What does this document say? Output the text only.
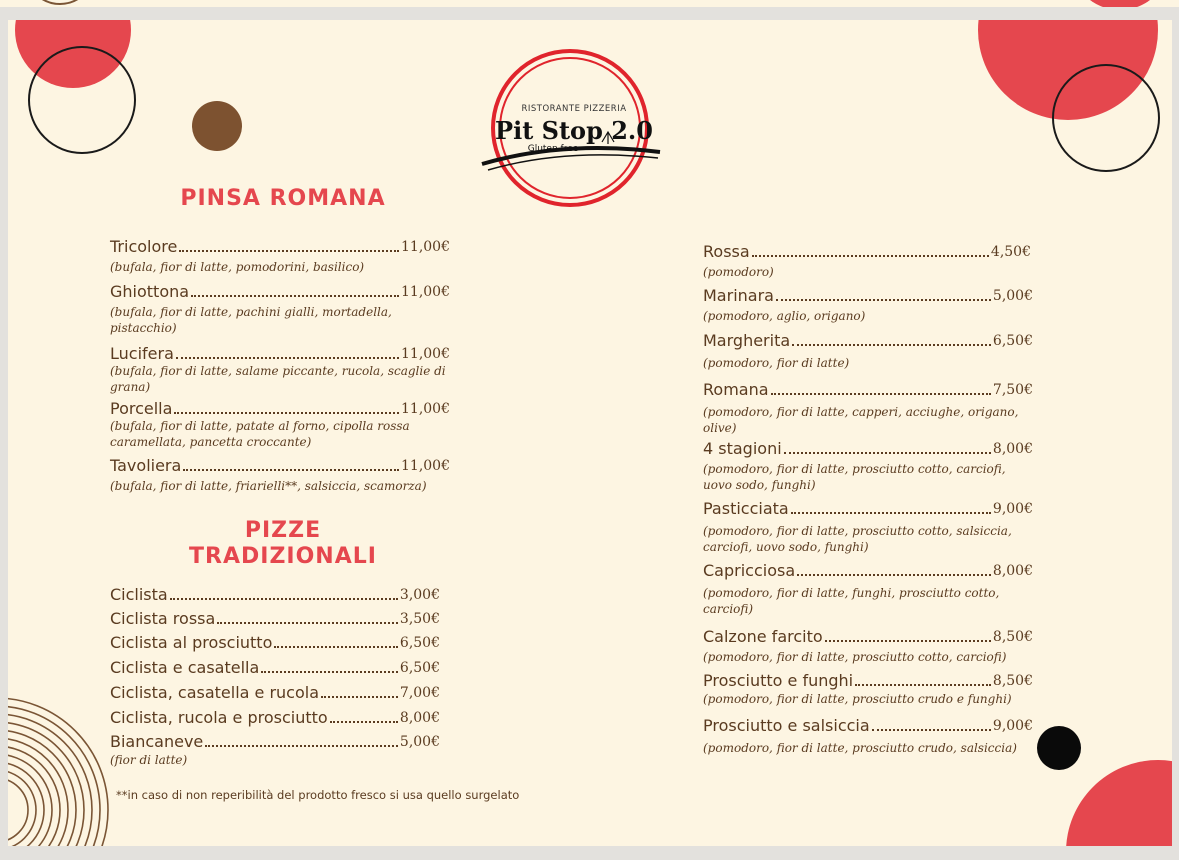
RISTORANTE PIZZERIA
Pit Stop 2.0
Gluten free
PINSA ROMANA
Tricolore	11,00€
(bufala, fior di latte, pomodorini, basilico)
Ghiottona	11,00€
(bufala, fior di latte, pachini gialli, mortadella, pistacchio)
Lucifera	11,00€
(bufala, fior di latte, salame piccante, rucola, scaglie di grana)
Porcella	11,00€
(bufala, fior di latte, patate al forno, cipolla rossa caramellata, pancetta croccante)
Tavoliera	11,00€
(bufala, fior di latte, friarielli**, salsiccia, scamorza)
PIZZE
TRADIZIONALI
Ciclista	3,00€
Ciclista rossa	3,50€
Ciclista al prosciutto	6,50€
Ciclista e casatella	6,50€
Ciclista, casatella e rucola	7,00€
Ciclista, rucola e prosciutto	8,00€
Biancaneve	5,00€
(fior di latte)
**in caso di non reperibilità del prodotto fresco si usa quello surgelato
Rossa	4,50€
(pomodoro)
Marinara	5,00€
(pomodoro, aglio, origano)
Margherita	6,50€
(pomodoro, fior di latte)
Romana	7,50€
(pomodoro, fior di latte, capperi, acciughe, origano, olive)
4 stagioni	8,00€
(pomodoro, fior di latte, prosciutto cotto, carciofi, uovo sodo, funghi)
Pasticciata	9,00€
(pomodoro, fior di latte, prosciutto cotto, salsiccia, carciofi, uovo sodo, funghi)
Capricciosa	8,00€
(pomodoro, fior di latte, funghi, prosciutto cotto, carciofi)
Calzone farcito	8,50€
(pomodoro, fior di latte, prosciutto cotto, carciofi)
Prosciutto e funghi	8,50€
(pomodoro, fior di latte, prosciutto crudo e funghi)
Prosciutto e salsiccia	9,00€
(pomodoro, fior di latte, prosciutto crudo, salsiccia)
